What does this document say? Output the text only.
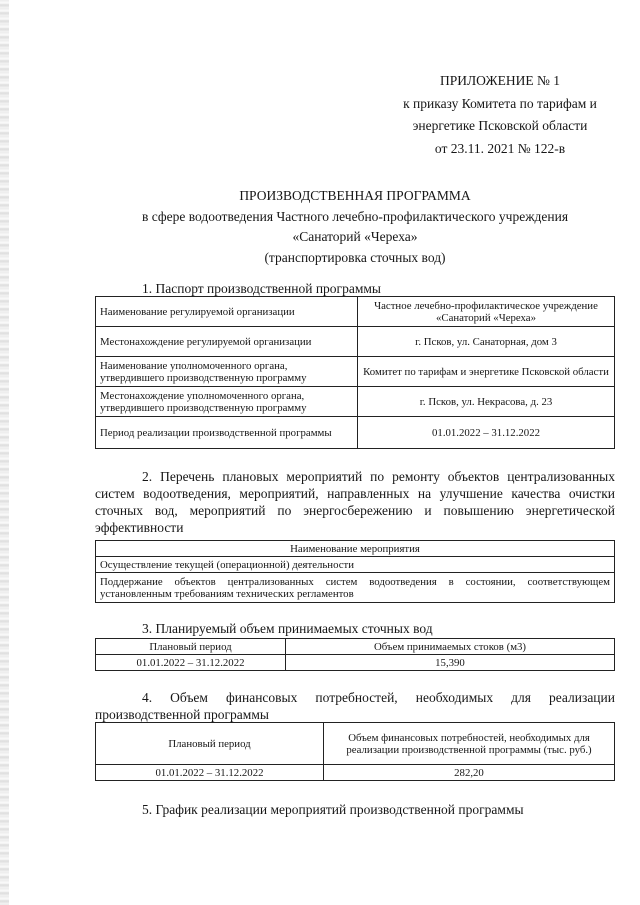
ПРИЛОЖЕНИЕ № 1
к приказу Комитета по тарифам и
энергетике Псковской области
от 23.11. 2021 № 122-в
ПРОИЗВОДСТВЕННАЯ ПРОГРАММА
в сфере водоотведения Частного лечебно-профилактического учреждения
«Санаторий «Череха»
(транспортировка сточных вод)
1. Паспорт производственной программы
Наименование регулируемой организации	Частное лечебно-профилактическое учреждение «Санаторий «Череха»
Местонахождение регулируемой организации	г. Псков, ул. Санаторная, дом 3
Наименование уполномоченного органа, утвердившего производственную программу	Комитет по тарифам и энергетике Псковской области
Местонахождение уполномоченного органа, утвердившего производственную программу	г. Псков, ул. Некрасова, д. 23
Период реализации производственной программы	01.01.2022 – 31.12.2022
2. Перечень плановых мероприятий по ремонту объектов централизованных систем водоотведения, мероприятий, направленных на улучшение качества очистки сточных вод, мероприятий по энергосбережению и повышению энергетической эффективности
Наименование мероприятия
Осуществление текущей (операционной) деятельности
Поддержание объектов централизованных систем водоотведения в состоянии, соответствующем установленным требованиям технических регламентов
3. Планируемый объем принимаемых сточных вод
Плановый период	Объем принимаемых стоков (м3)
01.01.2022 – 31.12.2022	15,390
4. Объем финансовых потребностей, необходимых для реализации производственной программы
Плановый период	Объем финансовых потребностей, необходимых для реализации производственной программы (тыс. руб.)
01.01.2022 – 31.12.2022	282,20
5. График реализации мероприятий производственной программы
